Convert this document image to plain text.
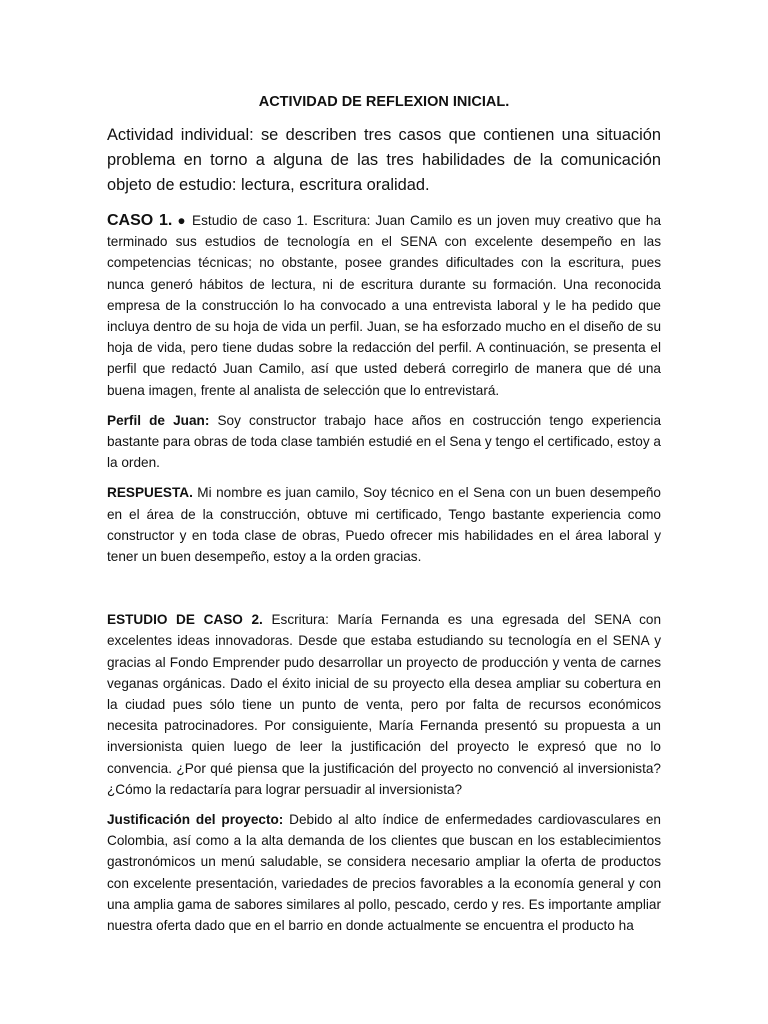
ACTIVIDAD DE REFLEXION INICIAL.

Actividad individual: se describen tres casos que contienen una situación problema en torno a alguna de las tres habilidades de la comunicación objeto de estudio: lectura, escritura oralidad.

CASO 1. ● Estudio de caso 1. Escritura: Juan Camilo es un joven muy creativo que ha terminado sus estudios de tecnología en el SENA con excelente desempeño en las competencias técnicas; no obstante, posee grandes dificultades con la escritura, pues nunca generó hábitos de lectura, ni de escritura durante su formación. Una reconocida empresa de la construcción lo ha convocado a una entrevista laboral y le ha pedido que incluya dentro de su hoja de vida un perfil. Juan, se ha esforzado mucho en el diseño de su hoja de vida, pero tiene dudas sobre la redacción del perfil. A continuación, se presenta el perfil que redactó Juan Camilo, así que usted deberá corregirlo de manera que dé una buena imagen, frente al analista de selección que lo entrevistará.

Perfil de Juan: Soy constructor trabajo hace años en costrucción tengo experiencia bastante para obras de toda clase también estudié en el Sena y tengo el certificado, estoy a la orden.

RESPUESTA. Mi nombre es juan camilo, Soy técnico en el Sena con un buen desempeño en el área de la construcción, obtuve mi certificado, Tengo bastante experiencia como constructor y en toda clase de obras, Puedo ofrecer mis habilidades en el área laboral y tener un buen desempeño, estoy a la orden gracias.

ESTUDIO DE CASO 2. Escritura: María Fernanda es una egresada del SENA con excelentes ideas innovadoras. Desde que estaba estudiando su tecnología en el SENA y gracias al Fondo Emprender pudo desarrollar un proyecto de producción y venta de carnes veganas orgánicas. Dado el éxito inicial de su proyecto ella desea ampliar su cobertura en la ciudad pues sólo tiene un punto de venta, pero por falta de recursos económicos necesita patrocinadores. Por consiguiente, María Fernanda presentó su propuesta a un inversionista quien luego de leer la justificación del proyecto le expresó que no lo convencia. ¿Por qué piensa que la justificación del proyecto no convenció al inversionista? ¿Cómo la redactaría para lograr persuadir al inversionista?

Justificación del proyecto: Debido al alto índice de enfermedades cardiovasculares en Colombia, así como a la alta demanda de los clientes que buscan en los establecimientos gastronómicos un menú saludable, se considera necesario ampliar la oferta de productos con excelente presentación, variedades de precios favorables a la economía general y con una amplia gama de sabores similares al pollo, pescado, cerdo y res. Es importante ampliar nuestra oferta dado que en el barrio en donde actualmente se encuentra el producto ha
